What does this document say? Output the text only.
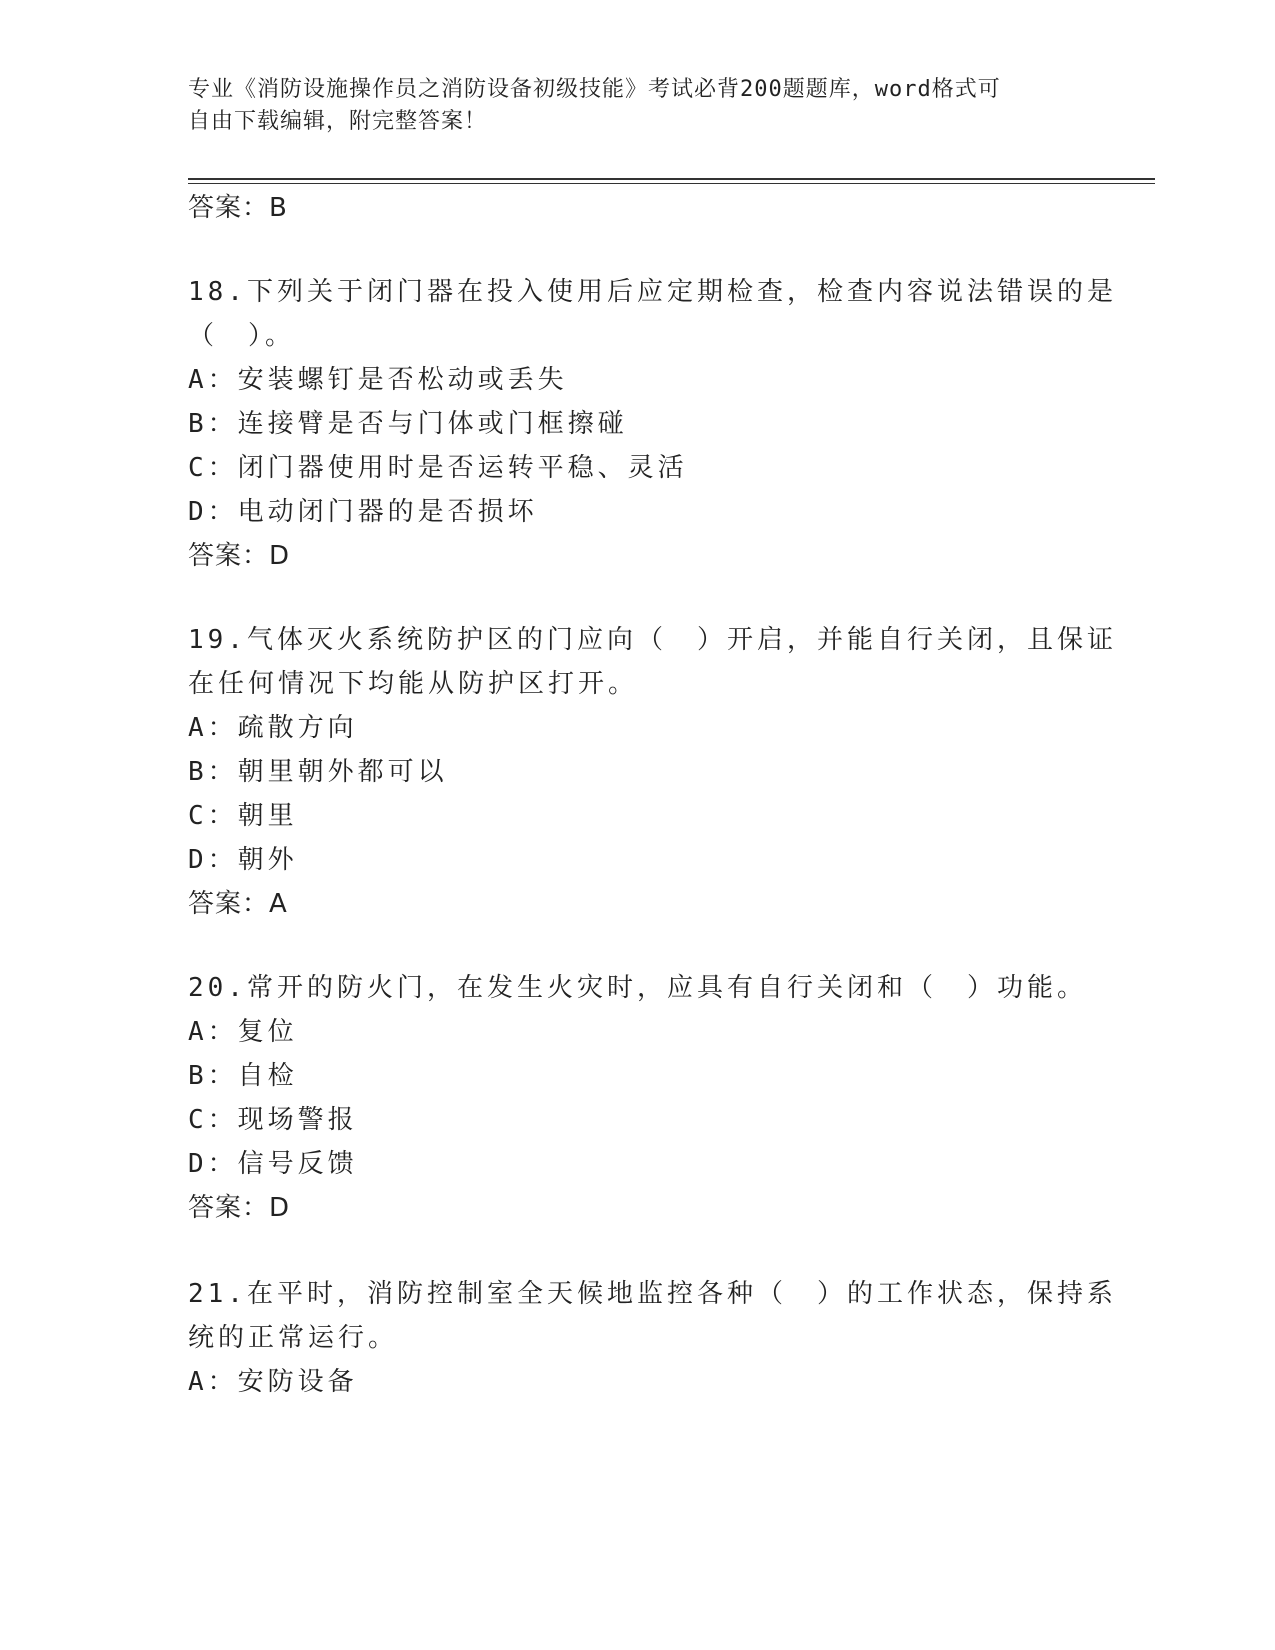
专业《消防设施操作员之消防设备初级技能》考试必背200题题库，word格式可
自由下载编辑，附完整答案！
答案：B
18.下列关于闭门器在投入使用后应定期检查，检查内容说法错误的是
（　）。
A：安装螺钉是否松动或丢失
B：连接臂是否与门体或门框擦碰
C：闭门器使用时是否运转平稳、灵活
D：电动闭门器的是否损坏
答案：D
19.气体灭火系统防护区的门应向（　）开启，并能自行关闭，且保证
在任何情况下均能从防护区打开。
A：疏散方向
B：朝里朝外都可以
C：朝里
D：朝外
答案：A
20.常开的防火门，在发生火灾时，应具有自行关闭和（　）功能。
A：复位
B：自检
C：现场警报
D：信号反馈
答案：D
21.在平时，消防控制室全天候地监控各种（　）的工作状态，保持系
统的正常运行。
A：安防设备
